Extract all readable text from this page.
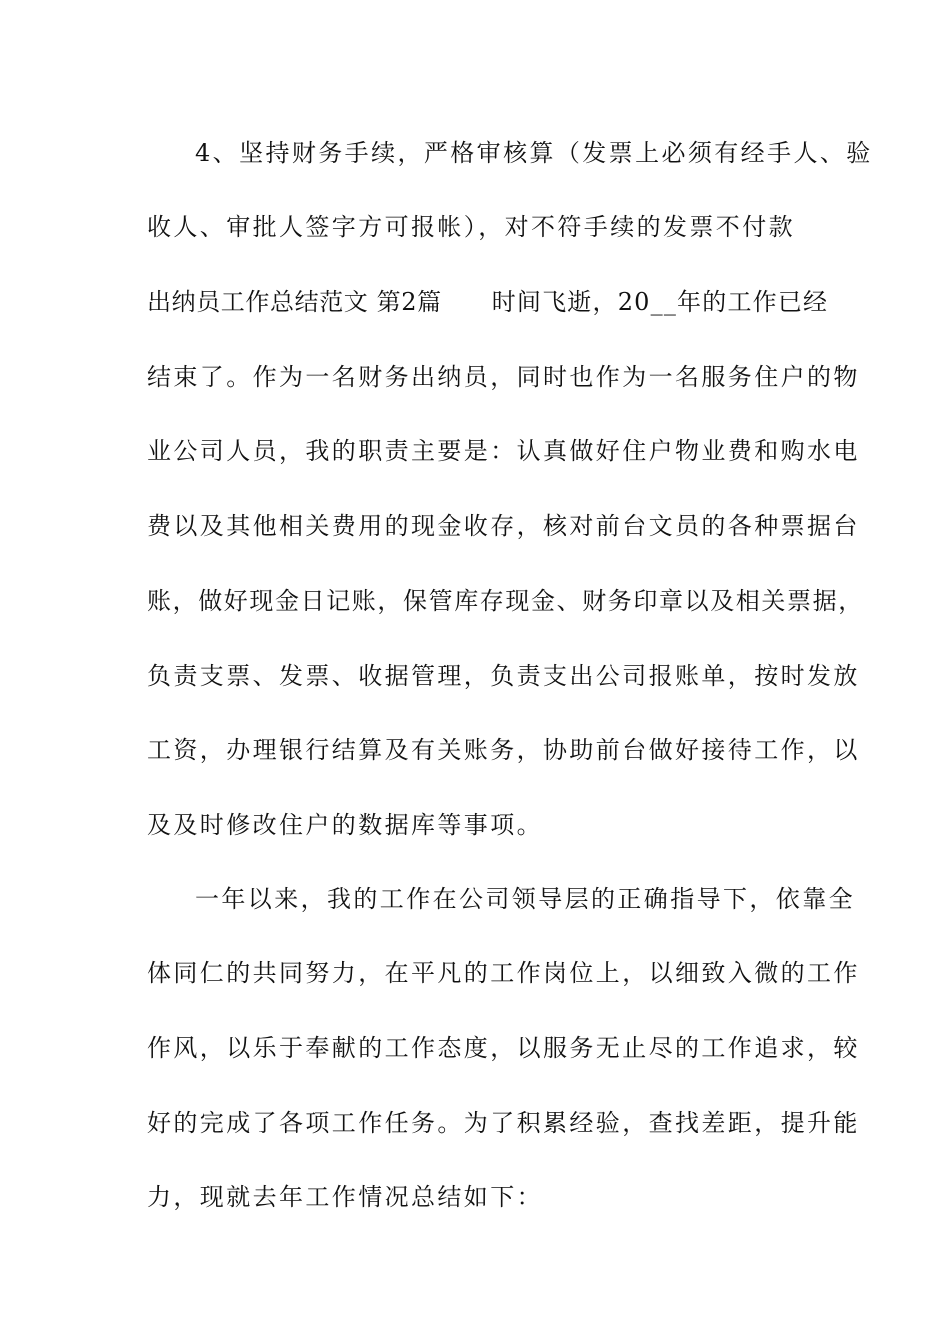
4、坚持财务手续，严格审核算（发票上必须有经手人、验
收人、审批人签字方可报帐），对不符手续的发票不付款
出纳员工作总结范文 第2篇 时间飞逝，20__年的工作已经
结束了。作为一名财务出纳员，同时也作为一名服务住户的物
业公司人员，我的职责主要是：认真做好住户物业费和购水电
费以及其他相关费用的现金收存，核对前台文员的各种票据台
账，做好现金日记账，保管库存现金、财务印章以及相关票据，
负责支票、发票、收据管理，负责支出公司报账单，按时发放
工资，办理银行结算及有关账务，协助前台做好接待工作，以
及及时修改住户的数据库等事项。
一年以来，我的工作在公司领导层的正确指导下，依靠全
体同仁的共同努力，在平凡的工作岗位上，以细致入微的工作
作风，以乐于奉献的工作态度，以服务无止尽的工作追求，较
好的完成了各项工作任务。为了积累经验，查找差距，提升能
力，现就去年工作情况总结如下：
